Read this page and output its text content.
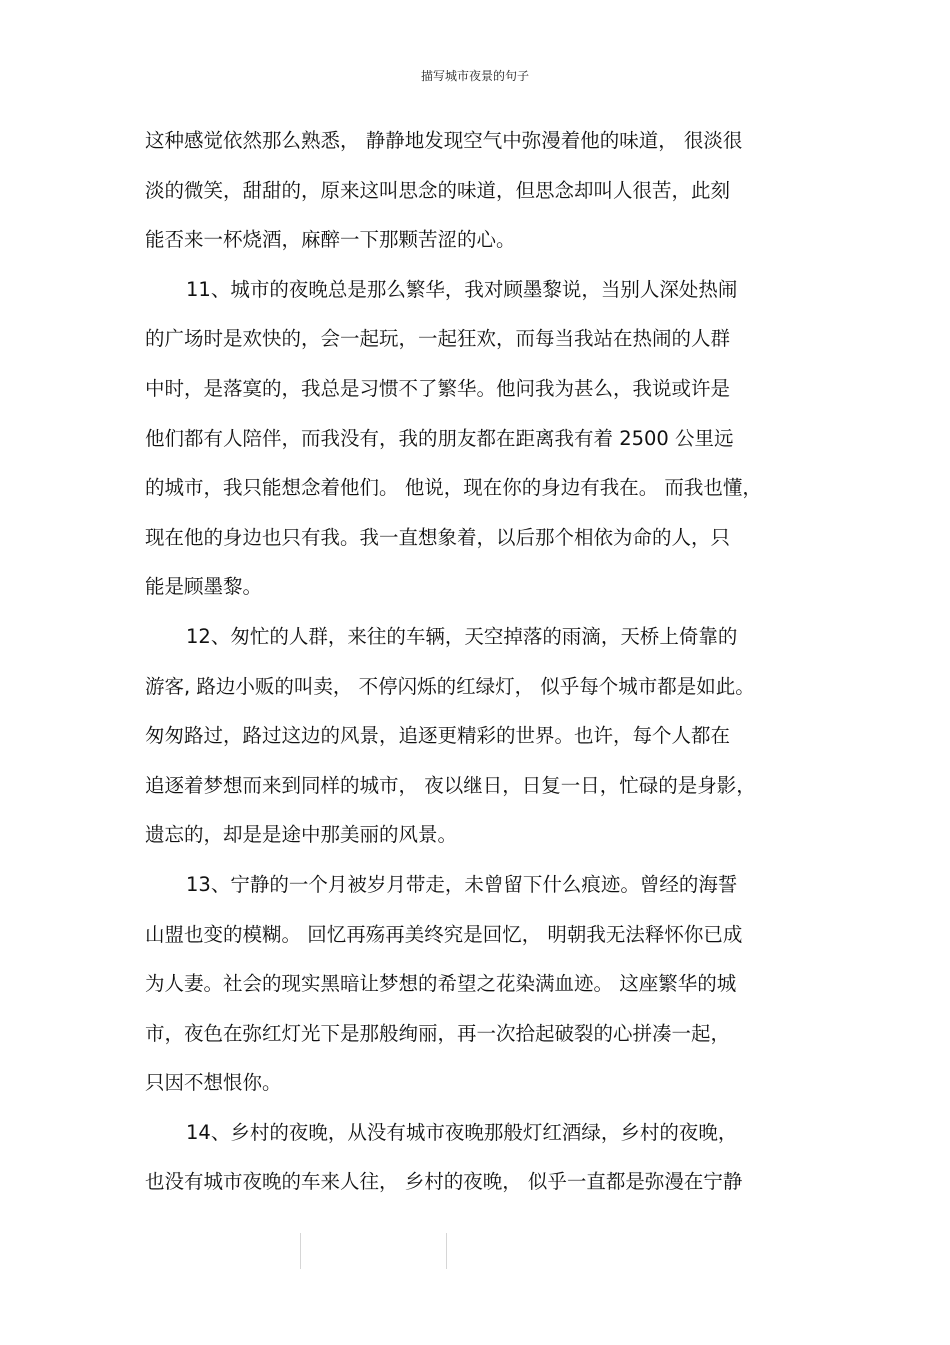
描写城市夜景的句子
这种感觉依然那么熟悉， 静静地发现空气中弥漫着他的味道， 很淡很
淡的微笑，甜甜的，原来这叫思念的味道，但思念却叫人很苦，此刻
能否来一杯烧酒，麻醉一下那颗苦涩的心。
11、城市的夜晚总是那么繁华，我对顾墨黎说，当别人深处热闹
的广场时是欢快的，会一起玩，一起狂欢，而每当我站在热闹的人群
中时，是落寞的，我总是习惯不了繁华。他问我为甚么，我说或许是
他们都有人陪伴，而我没有，我的朋友都在距离我有着 2500 公里远
的城市，我只能想念着他们。 他说，现在你的身边有我在。 而我也懂，
现在他的身边也只有我。我一直想象着，以后那个相依为命的人，只
能是顾墨黎。
12、匆忙的人群，来往的车辆，天空掉落的雨滴，天桥上倚靠的
游客, 路边小贩的叫卖， 不停闪烁的红绿灯， 似乎每个城市都是如此。
匆匆路过，路过这边的风景，追逐更精彩的世界。也许，每个人都在
追逐着梦想而来到同样的城市， 夜以继日，日复一日，忙碌的是身影，
遗忘的，却是是途中那美丽的风景。
13、宁静的一个月被岁月带走，未曾留下什么痕迹。曾经的海誓
山盟也变的模糊。 回忆再殇再美终究是回忆， 明朝我无法释怀你已成
为人妻。社会的现实黑暗让梦想的希望之花染满血迹。 这座繁华的城
市，夜色在弥红灯光下是那般绚丽，再一次拾起破裂的心拼凑一起，
只因不想恨你。
14、乡村的夜晚，从没有城市夜晚那般灯红酒绿，乡村的夜晚，
也没有城市夜晚的车来人往， 乡村的夜晚， 似乎一直都是弥漫在宁静
